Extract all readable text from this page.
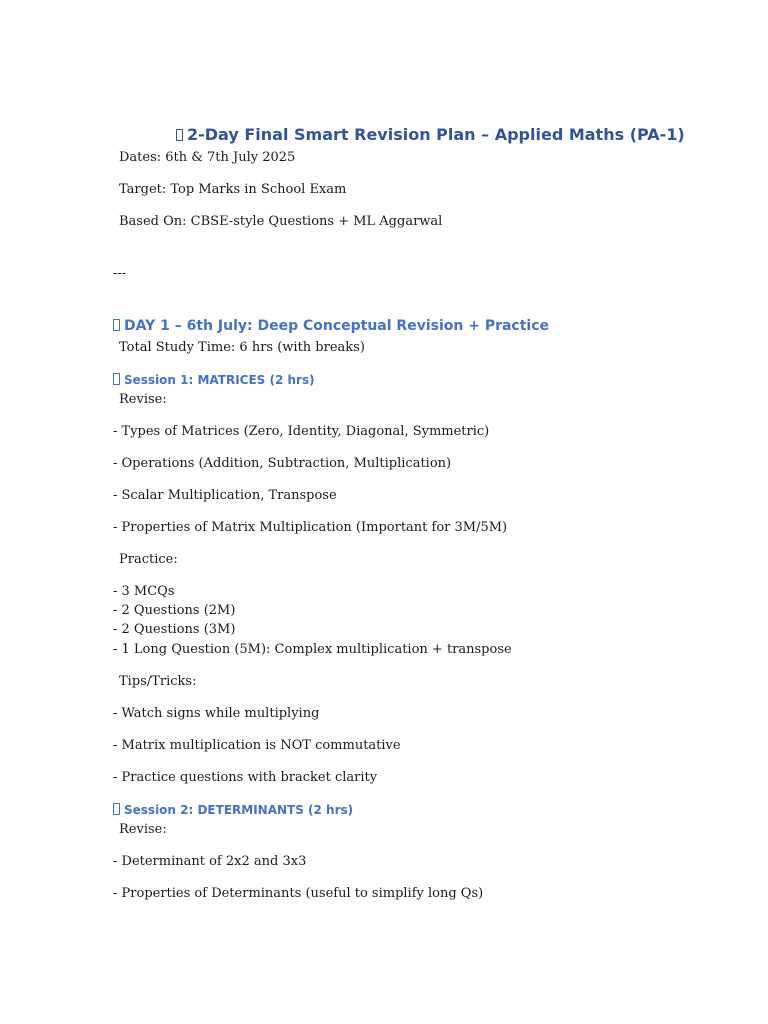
2-Day Final Smart Revision Plan – Applied Maths (PA-1)
Dates: 6th & 7th July 2025
Target: Top Marks in School Exam
Based On: CBSE-style Questions + ML Aggarwal
---
DAY 1 – 6th July: Deep Conceptual Revision + Practice
Total Study Time: 6 hrs (with breaks)
Session 1: MATRICES (2 hrs)
Revise:
- Types of Matrices (Zero, Identity, Diagonal, Symmetric)
- Operations (Addition, Subtraction, Multiplication)
- Scalar Multiplication, Transpose
- Properties of Matrix Multiplication (Important for 3M/5M)
Practice:
- 3 MCQs
- 2 Questions (2M)
- 2 Questions (3M)
- 1 Long Question (5M): Complex multiplication + transpose
Tips/Tricks:
- Watch signs while multiplying
- Matrix multiplication is NOT commutative
- Practice questions with bracket clarity
Session 2: DETERMINANTS (2 hrs)
Revise:
- Determinant of 2x2 and 3x3
- Properties of Determinants (useful to simplify long Qs)
